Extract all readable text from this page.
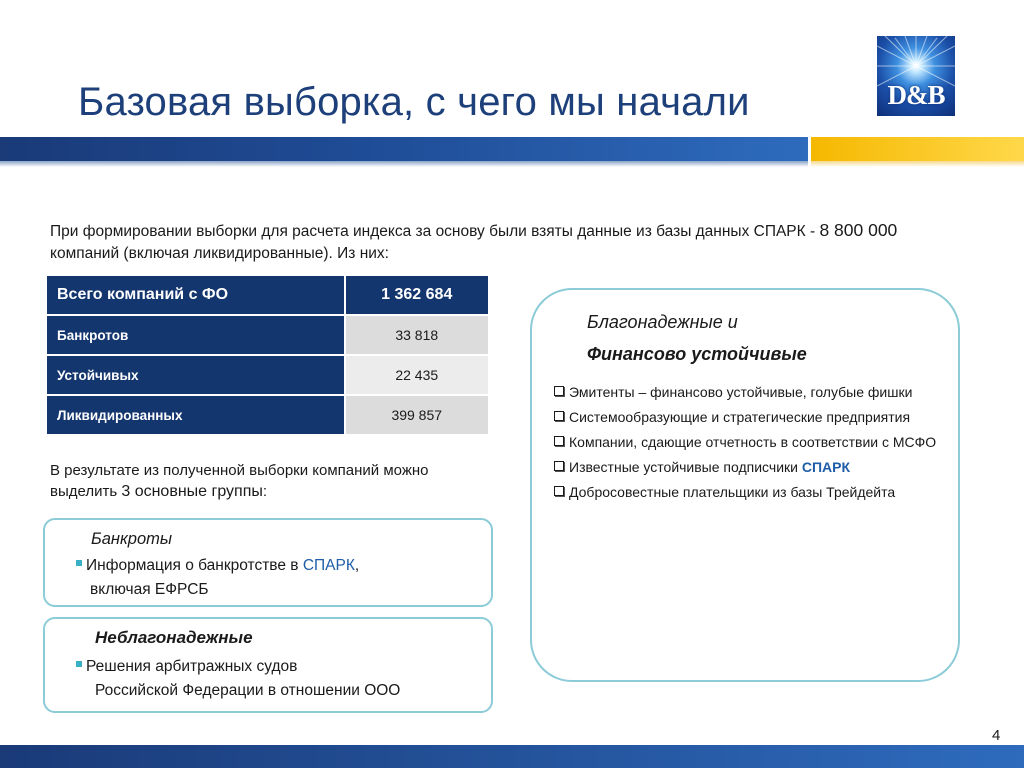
Базовая выборка, с чего мы начали	D&B
При формировании выборки для расчета индекса за основу были взяты данные из базы данных СПАРК - 8 800 000 компаний (включая ликвидированные). Из них:
Всего компаний с ФО	1 362 684
Банкротов	33 818
Устойчивых	22 435
Ликвидированных	399 857
В результате из полученной выборки компаний можно выделить 3 основные группы:
Банкроты
Информация о банкротстве в СПАРК,
включая ЕФРСБ
Неблагонадежные
Решения арбитражных судов
Российской Федерации в отношении ООО
Благонадежные и
Финансово устойчивые
Эмитенты – финансово устойчивые, голубые фишки
Системообразующие и стратегические предприятия
Компании, сдающие отчетность в соответствии с МСФО
Известные устойчивые подписчики СПАРК
Добросовестные плательщики из базы Трейдейта
4
